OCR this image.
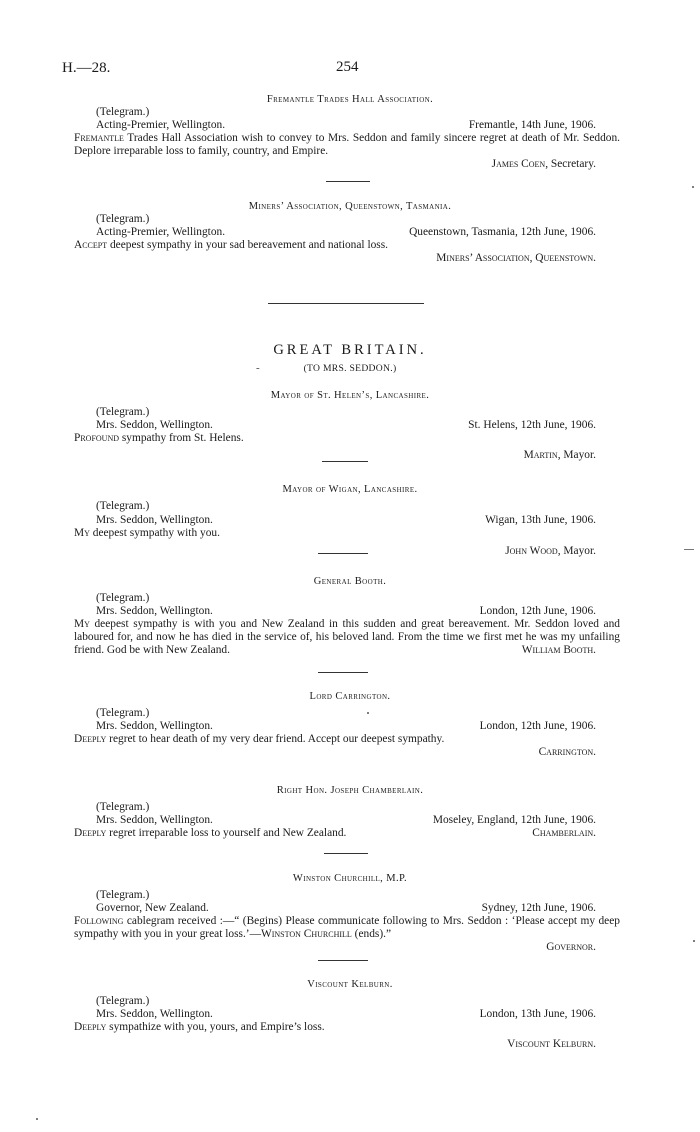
H.—28.	254

Fremantle Trades Hall Association.

(Telegram.)
Acting-Premier, Wellington.	Fremantle, 14th June, 1906.

Fremantle Trades Hall Association wish to convey to Mrs. Seddon and family sincere regret at death of Mr. Seddon. Deplore irreparable loss to family, country, and Empire.

James Coen, Secretary.

Miners’ Association, Queenstown, Tasmania.

(Telegram.)
Acting-Premier, Wellington.	Queenstown, Tasmania, 12th June, 1906.

Accept deepest sympathy in your sad bereavement and national loss.

Miners’ Association, Queenstown.
GREAT BRITAIN.
(TO MRS. SEDDON.)
-

Mayor of St. Helen’s, Lancashire.

(Telegram.)
Mrs. Seddon, Wellington.	St. Helens, 12th June, 1906.

Profound sympathy from St. Helens.

Martin, Mayor.

Mayor of Wigan, Lancashire.

(Telegram.)
Mrs. Seddon, Wellington.	Wigan, 13th June, 1906.

My deepest sympathy with you.

John Wood, Mayor.

General Booth.

(Telegram.)
Mrs. Seddon, Wellington.	London, 12th June, 1906.

My deepest sympathy is with you and New Zealand in this sudden and great bereavement. Mr. Seddon loved and laboured for, and now he has died in the service of, his beloved land. From the time we first met he was my unfailing friend. God be with New Zealand.	William Booth.

Lord Carrington.

(Telegram.)
Mrs. Seddon, Wellington.	London, 12th June, 1906.

Deeply regret to hear death of my very dear friend. Accept our deepest sympathy.

Carrington.

Right Hon. Joseph Chamberlain.

(Telegram.)
Mrs. Seddon, Wellington.	Moseley, England, 12th June, 1906.

Deeply regret irreparable loss to yourself and New Zealand.	Chamberlain.

Winston Churchill, M.P.

(Telegram.)
Governor, New Zealand.	Sydney, 12th June, 1906.

Following cablegram received :—“ (Begins) Please communicate following to Mrs. Seddon : ‘Please accept my deep sympathy with you in your great loss.’—Winston Churchill (ends).”

Governor.

Viscount Kelburn.

(Telegram.)
Mrs. Seddon, Wellington.	London, 13th June, 1906.

Deeply sympathize with you, yours, and Empire’s loss.

Viscount Kelburn.
